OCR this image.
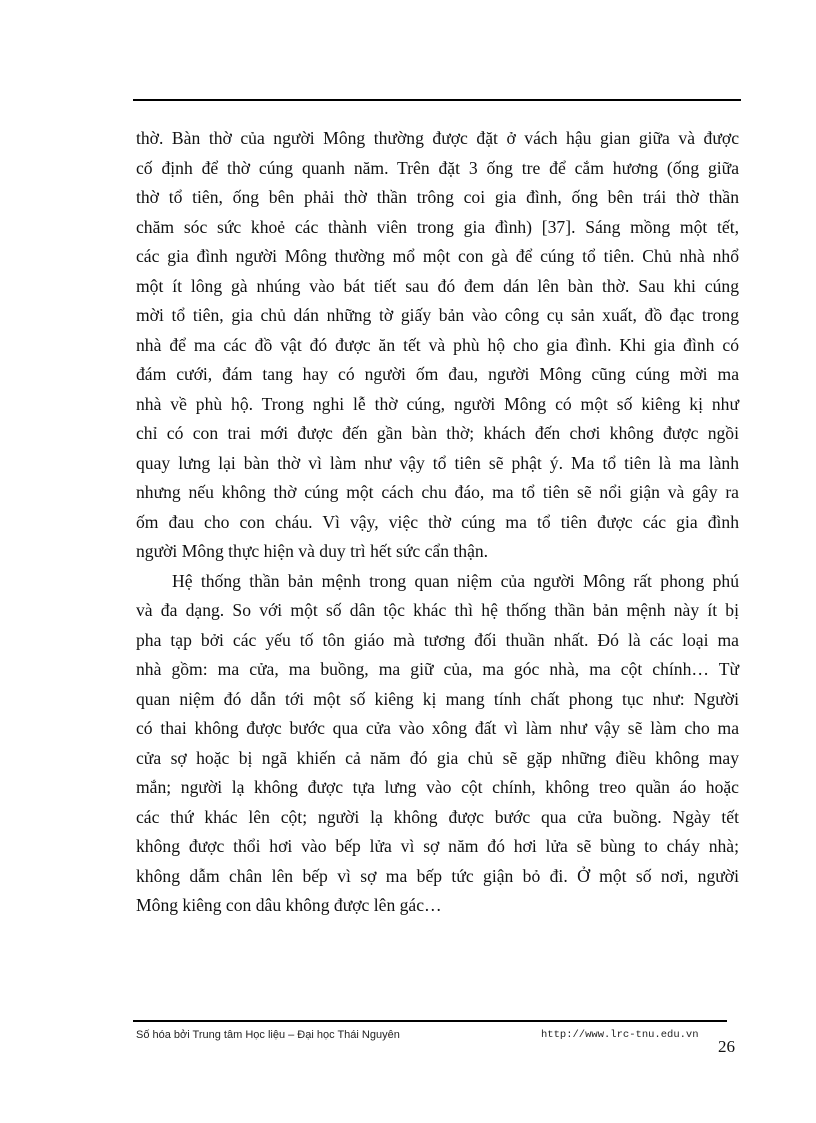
thờ. Bàn thờ của người Mông thường được đặt ở vách hậu gian giữa và được
cố định để thờ cúng quanh năm. Trên đặt 3 ống tre để cắm hương (ống giữa
thờ tổ tiên, ống bên phải thờ thần trông coi gia đình, ống bên trái thờ thần
chăm sóc sức khoẻ các thành viên trong gia đình) [37]. Sáng mồng một tết,
các gia đình người Mông thường mổ một con gà để cúng tổ tiên. Chủ nhà nhổ
một ít lông gà nhúng vào bát tiết sau đó đem dán lên bàn thờ. Sau khi cúng
mời tổ tiên, gia chủ dán những tờ giấy bản vào công cụ sản xuất, đồ đạc trong
nhà để ma các đồ vật đó được ăn tết và phù hộ cho gia đình. Khi gia đình có
đám cưới, đám tang hay có người ốm đau, người Mông cũng cúng mời ma
nhà về phù hộ. Trong nghi lễ thờ cúng, người Mông có một số kiêng kị như
chỉ có con trai mới được đến gần bàn thờ; khách đến chơi không được ngồi
quay lưng lại bàn thờ vì làm như vậy tổ tiên sẽ phật ý. Ma tổ tiên là ma lành
nhưng nếu không thờ cúng một cách chu đáo, ma tổ tiên sẽ nổi giận và gây ra
ốm đau cho con cháu. Vì vậy, việc thờ cúng ma tổ tiên được các gia đình
người Mông thực hiện và duy trì hết sức cẩn thận.
Hệ thống thần bản mệnh trong quan niệm của người Mông rất phong phú
và đa dạng. So với một số dân tộc khác thì hệ thống thần bản mệnh này ít bị
pha tạp bởi các yếu tố tôn giáo mà tương đối thuần nhất. Đó là các loại ma
nhà gồm: ma cửa, ma buồng, ma giữ của, ma góc nhà, ma cột chính… Từ
quan niệm đó dẫn tới một số kiêng kị mang tính chất phong tục như: Người
có thai không được bước qua cửa vào xông đất vì làm như vậy sẽ làm cho ma
cửa sợ hoặc bị ngã khiến cả năm đó gia chủ sẽ gặp những điều không may
mắn; người lạ không được tựa lưng vào cột chính, không treo quần áo hoặc
các thứ khác lên cột; người lạ không được bước qua cửa buồng. Ngày tết
không được thổi hơi vào bếp lửa vì sợ năm đó hơi lửa sẽ bùng to cháy nhà;
không dẫm chân lên bếp vì sợ ma bếp tức giận bỏ đi. Ở một số nơi, người
Mông kiêng con dâu không được lên gác…
Số hóa bởi Trung tâm Học liệu – Đại học Thái Nguyên	http://www.lrc-tnu.edu.vn
26
